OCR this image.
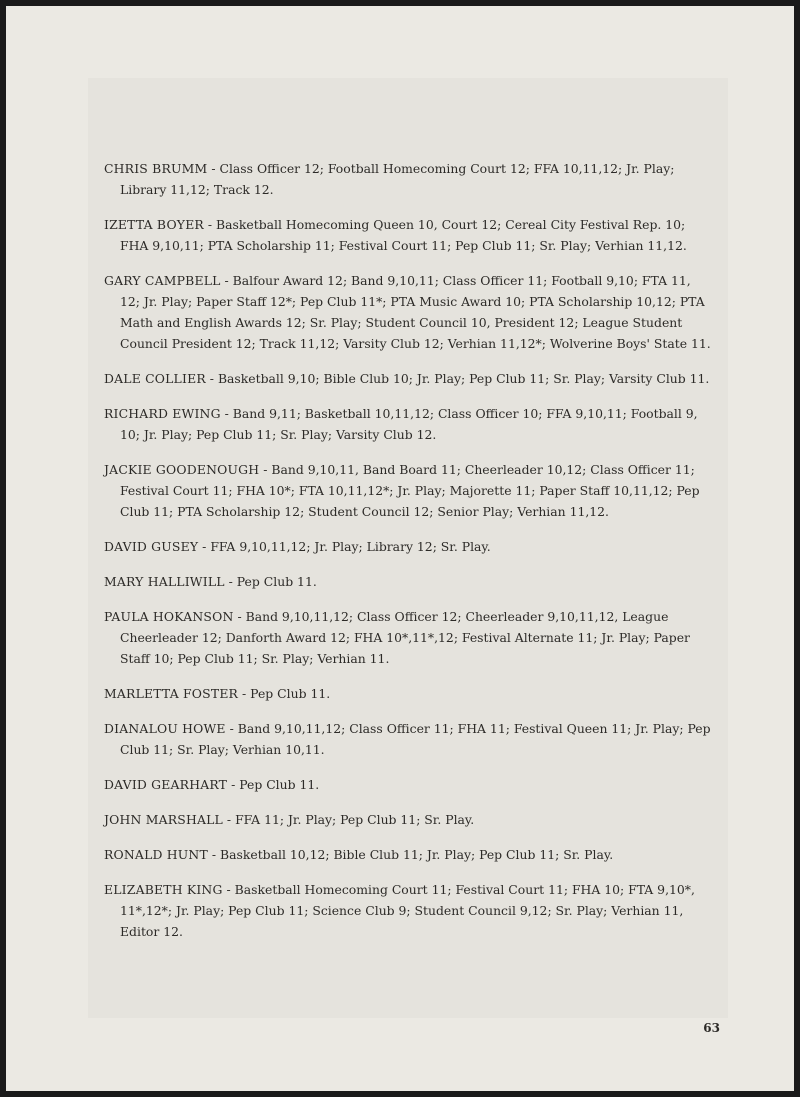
CHRIS BRUMM - Class Officer 12; Football Homecoming Court 12; FFA 10,11,12; Jr. Play; Library 11,12; Track 12.

IZETTA BOYER - Basketball Homecoming Queen 10, Court 12; Cereal City Festival Rep. 10; FHA 9,10,11; PTA Scholarship 11; Festival Court 11; Pep Club 11; Sr. Play; Verhian 11,12.

GARY CAMPBELL - Balfour Award 12; Band 9,10,11; Class Officer 11; Football 9,10; FTA 11, 12; Jr. Play; Paper Staff 12*; Pep Club 11*; PTA Music Award 10; PTA Scholarship 10,12; PTA Math and English Awards 12; Sr. Play; Student Council 10, President 12; League Student Council President 12; Track 11,12; Varsity Club 12; Verhian 11,12*; Wolverine Boys' State 11.

DALE COLLIER - Basketball 9,10; Bible Club 10; Jr. Play; Pep Club 11; Sr. Play; Varsity Club 11.

RICHARD EWING - Band 9,11; Basketball 10,11,12; Class Officer 10; FFA 9,10,11; Football 9, 10; Jr. Play; Pep Club 11; Sr. Play; Varsity Club 12.

JACKIE GOODENOUGH - Band 9,10,11, Band Board 11; Cheerleader 10,12; Class Officer 11; Festival Court 11; FHA 10*; FTA 10,11,12*; Jr. Play; Majorette 11; Paper Staff 10,11,12; Pep Club 11; PTA Scholarship 12; Student Council 12; Senior Play; Verhian 11,12.

DAVID GUSEY - FFA 9,10,11,12; Jr. Play; Library 12; Sr. Play.

MARY HALLIWILL - Pep Club 11.

PAULA HOKANSON - Band 9,10,11,12; Class Officer 12; Cheerleader 9,10,11,12, League Cheerleader 12; Danforth Award 12; FHA 10*,11*,12; Festival Alternate 11; Jr. Play; Paper Staff 10; Pep Club 11; Sr. Play; Verhian 11.

MARLETTA FOSTER - Pep Club 11.

DIANALOU HOWE - Band 9,10,11,12; Class Officer 11; FHA 11; Festival Queen 11; Jr. Play; Pep Club 11; Sr. Play; Verhian 10,11.

DAVID GEARHART - Pep Club 11.

JOHN MARSHALL - FFA 11; Jr. Play; Pep Club 11; Sr. Play.

RONALD HUNT - Basketball 10,12; Bible Club 11; Jr. Play; Pep Club 11; Sr. Play.

ELIZABETH KING - Basketball Homecoming Court 11; Festival Court 11; FHA 10; FTA 9,10*, 11*,12*; Jr. Play; Pep Club 11; Science Club 9; Student Council 9,12; Sr. Play; Verhian 11, Editor 12.

63
